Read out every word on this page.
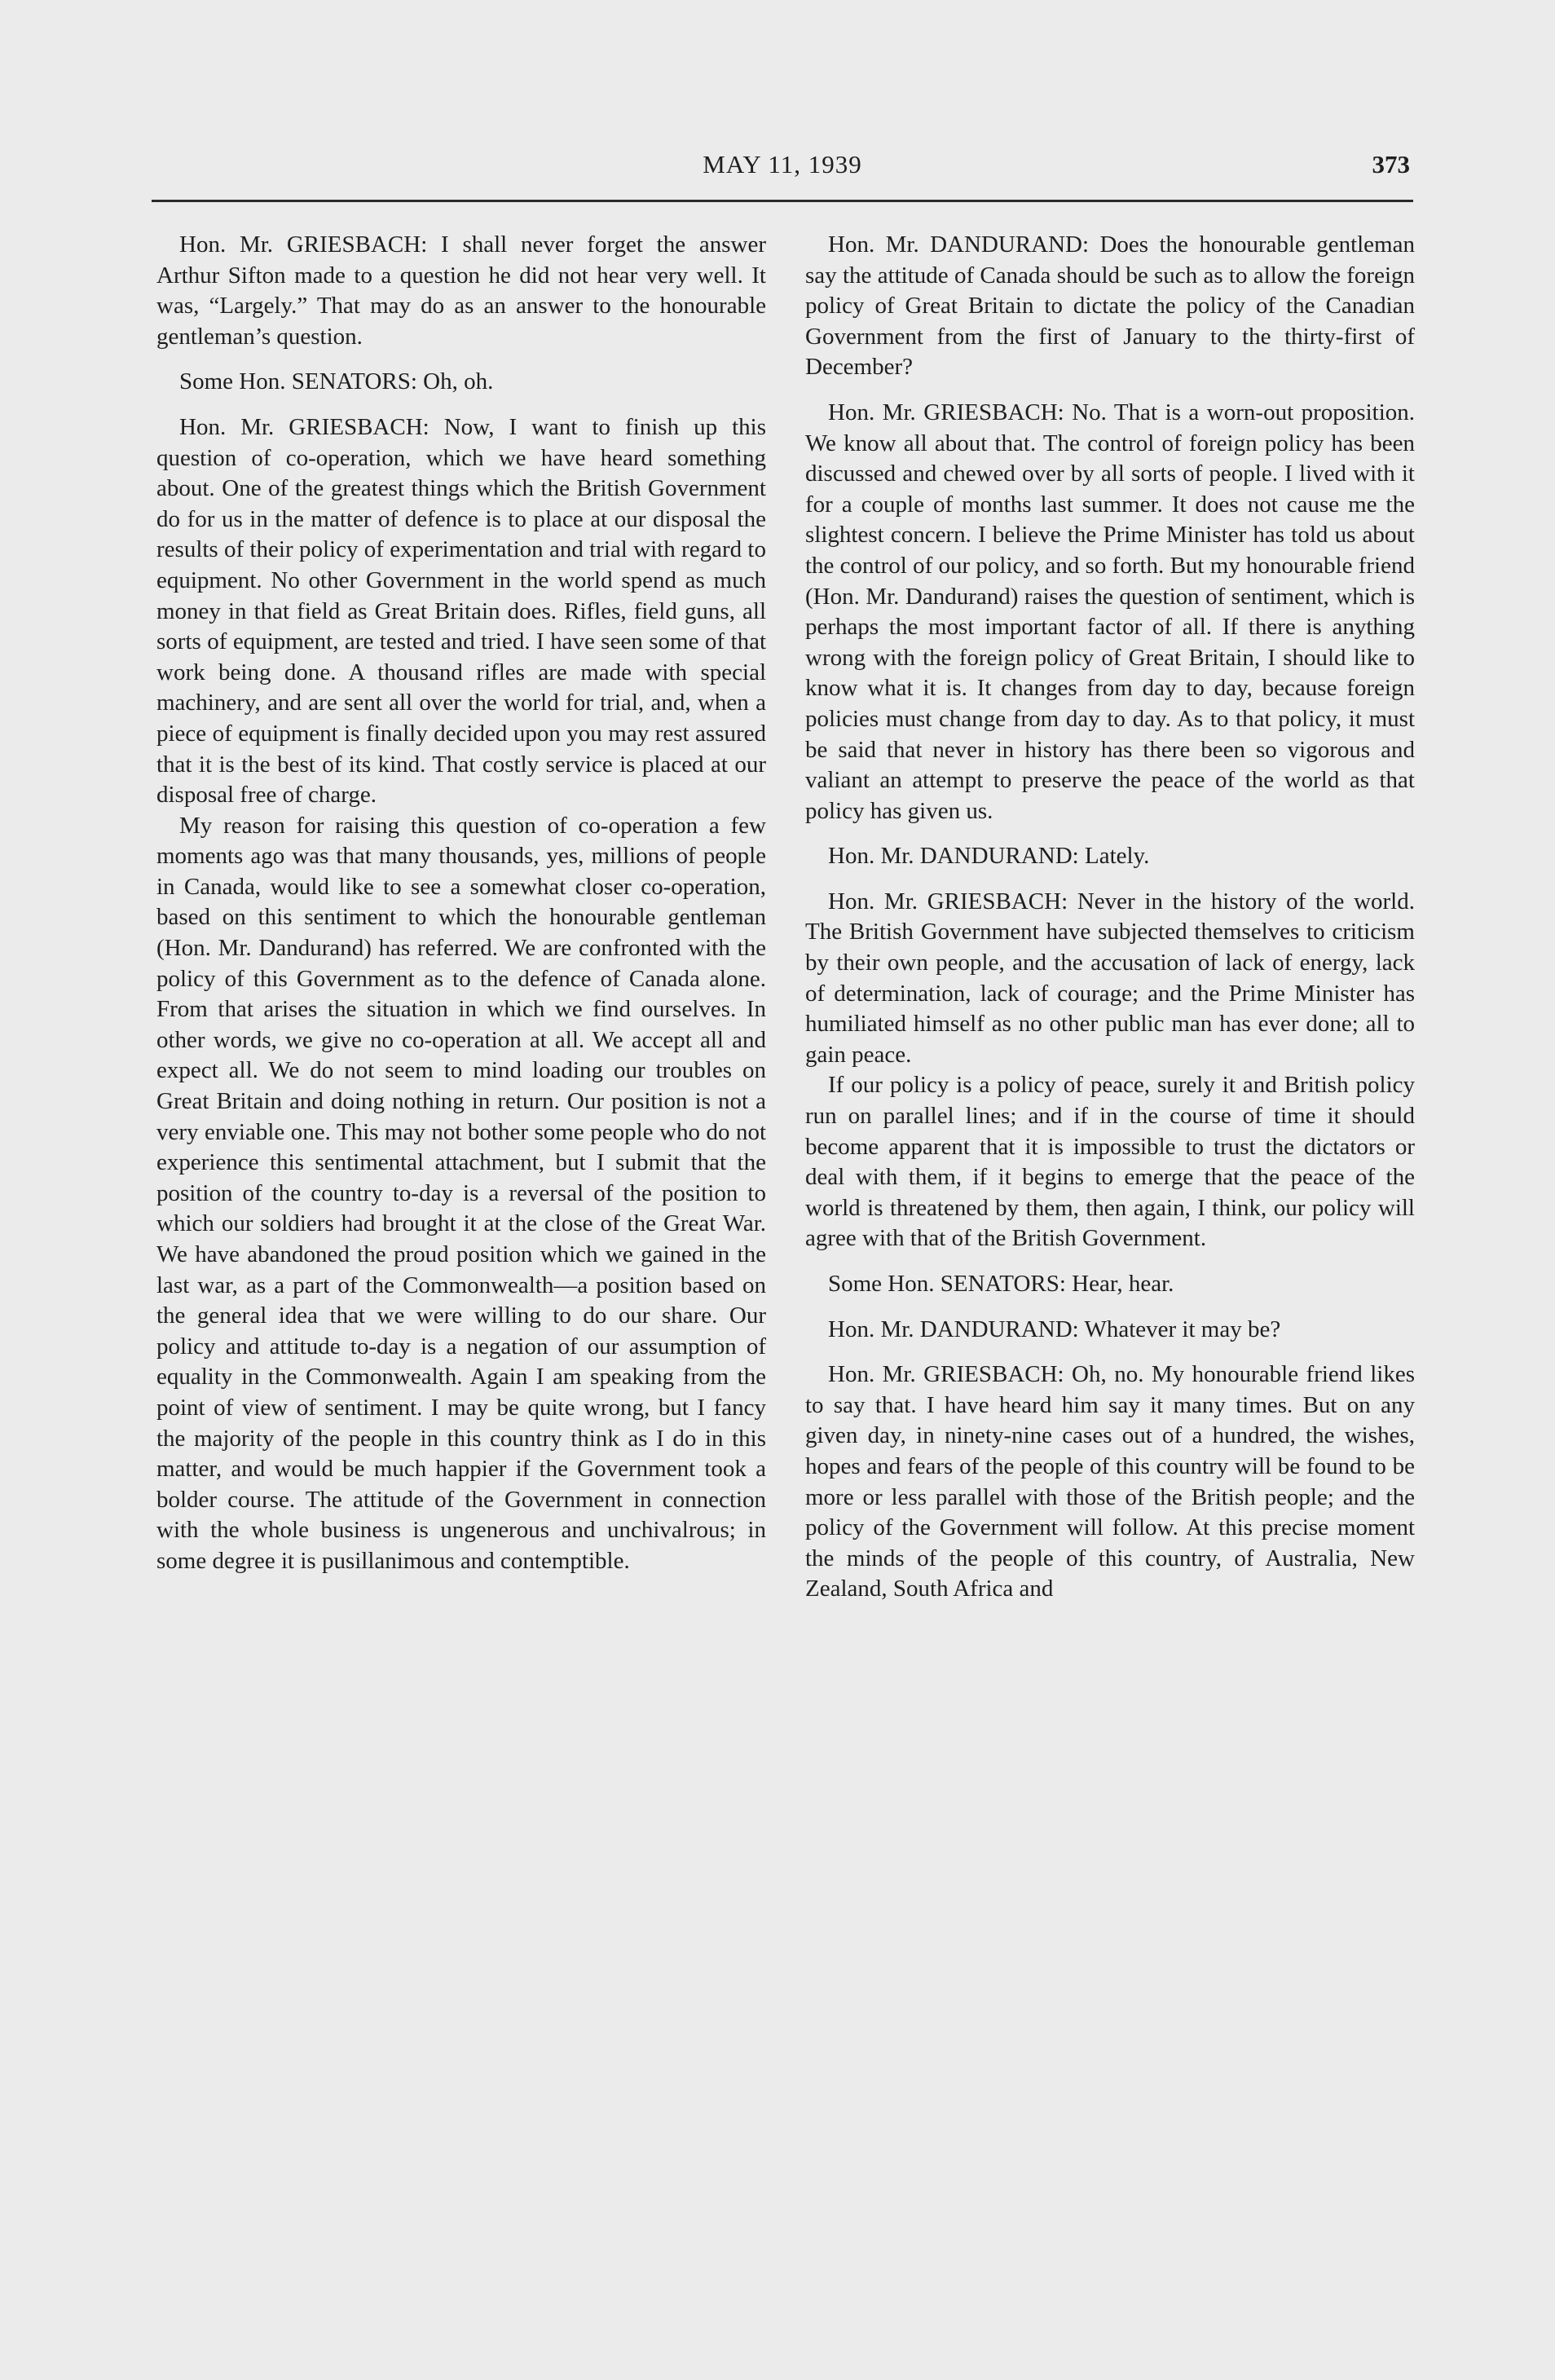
MAY 11, 1939	373

Hon. Mr. GRIESBACH: I shall never forget the answer Arthur Sifton made to a question he did not hear very well. It was, “Largely.” That may do as an answer to the honourable gentleman’s question.

Some Hon. SENATORS: Oh, oh.

Hon. Mr. GRIESBACH: Now, I want to finish up this question of co-operation, which we have heard something about. One of the greatest things which the British Government do for us in the matter of defence is to place at our disposal the results of their policy of experimentation and trial with regard to equipment. No other Government in the world spend as much money in that field as Great Britain does. Rifles, field guns, all sorts of equipment, are tested and tried. I have seen some of that work being done. A thousand rifles are made with special machinery, and are sent all over the world for trial, and, when a piece of equipment is finally decided upon you may rest assured that it is the best of its kind. That costly service is placed at our disposal free of charge.

My reason for raising this question of co-operation a few moments ago was that many thousands, yes, millions of people in Canada, would like to see a somewhat closer co-operation, based on this sentiment to which the honourable gentleman (Hon. Mr. Dandurand) has referred. We are confronted with the policy of this Government as to the defence of Canada alone. From that arises the situation in which we find ourselves. In other words, we give no co-operation at all. We accept all and expect all. We do not seem to mind loading our troubles on Great Britain and doing nothing in return. Our position is not a very enviable one. This may not bother some people who do not experience this sentimental attachment, but I submit that the position of the country to-day is a reversal of the position to which our soldiers had brought it at the close of the Great War. We have abandoned the proud position which we gained in the last war, as a part of the Commonwealth—a position based on the general idea that we were willing to do our share. Our policy and attitude to-day is a negation of our assumption of equality in the Commonwealth. Again I am speaking from the point of view of sentiment. I may be quite wrong, but I fancy the majority of the people in this country think as I do in this matter, and would be much happier if the Government took a bolder course. The attitude of the Government in connection with the whole business is ungenerous and unchivalrous; in some degree it is pusillanimous and contemptible.

Hon. Mr. DANDURAND: Does the honourable gentleman say the attitude of Canada should be such as to allow the foreign policy of Great Britain to dictate the policy of the Canadian Government from the first of January to the thirty-first of December?

Hon. Mr. GRIESBACH: No. That is a worn-out proposition. We know all about that. The control of foreign policy has been discussed and chewed over by all sorts of people. I lived with it for a couple of months last summer. It does not cause me the slightest concern. I believe the Prime Minister has told us about the control of our policy, and so forth. But my honourable friend (Hon. Mr. Dandurand) raises the question of sentiment, which is perhaps the most important factor of all. If there is anything wrong with the foreign policy of Great Britain, I should like to know what it is. It changes from day to day, because foreign policies must change from day to day. As to that policy, it must be said that never in history has there been so vigorous and valiant an attempt to preserve the peace of the world as that policy has given us.

Hon. Mr. DANDURAND: Lately.

Hon. Mr. GRIESBACH: Never in the history of the world. The British Government have subjected themselves to criticism by their own people, and the accusation of lack of energy, lack of determination, lack of courage; and the Prime Minister has humiliated himself as no other public man has ever done; all to gain peace.

If our policy is a policy of peace, surely it and British policy run on parallel lines; and if in the course of time it should become apparent that it is impossible to trust the dictators or deal with them, if it begins to emerge that the peace of the world is threatened by them, then again, I think, our policy will agree with that of the British Government.

Some Hon. SENATORS: Hear, hear.

Hon. Mr. DANDURAND: Whatever it may be?

Hon. Mr. GRIESBACH: Oh, no. My honourable friend likes to say that. I have heard him say it many times. But on any given day, in ninety-nine cases out of a hundred, the wishes, hopes and fears of the people of this country will be found to be more or less parallel with those of the British people; and the policy of the Government will follow. At this precise moment the minds of the people of this country, of Australia, New Zealand, South Africa and
